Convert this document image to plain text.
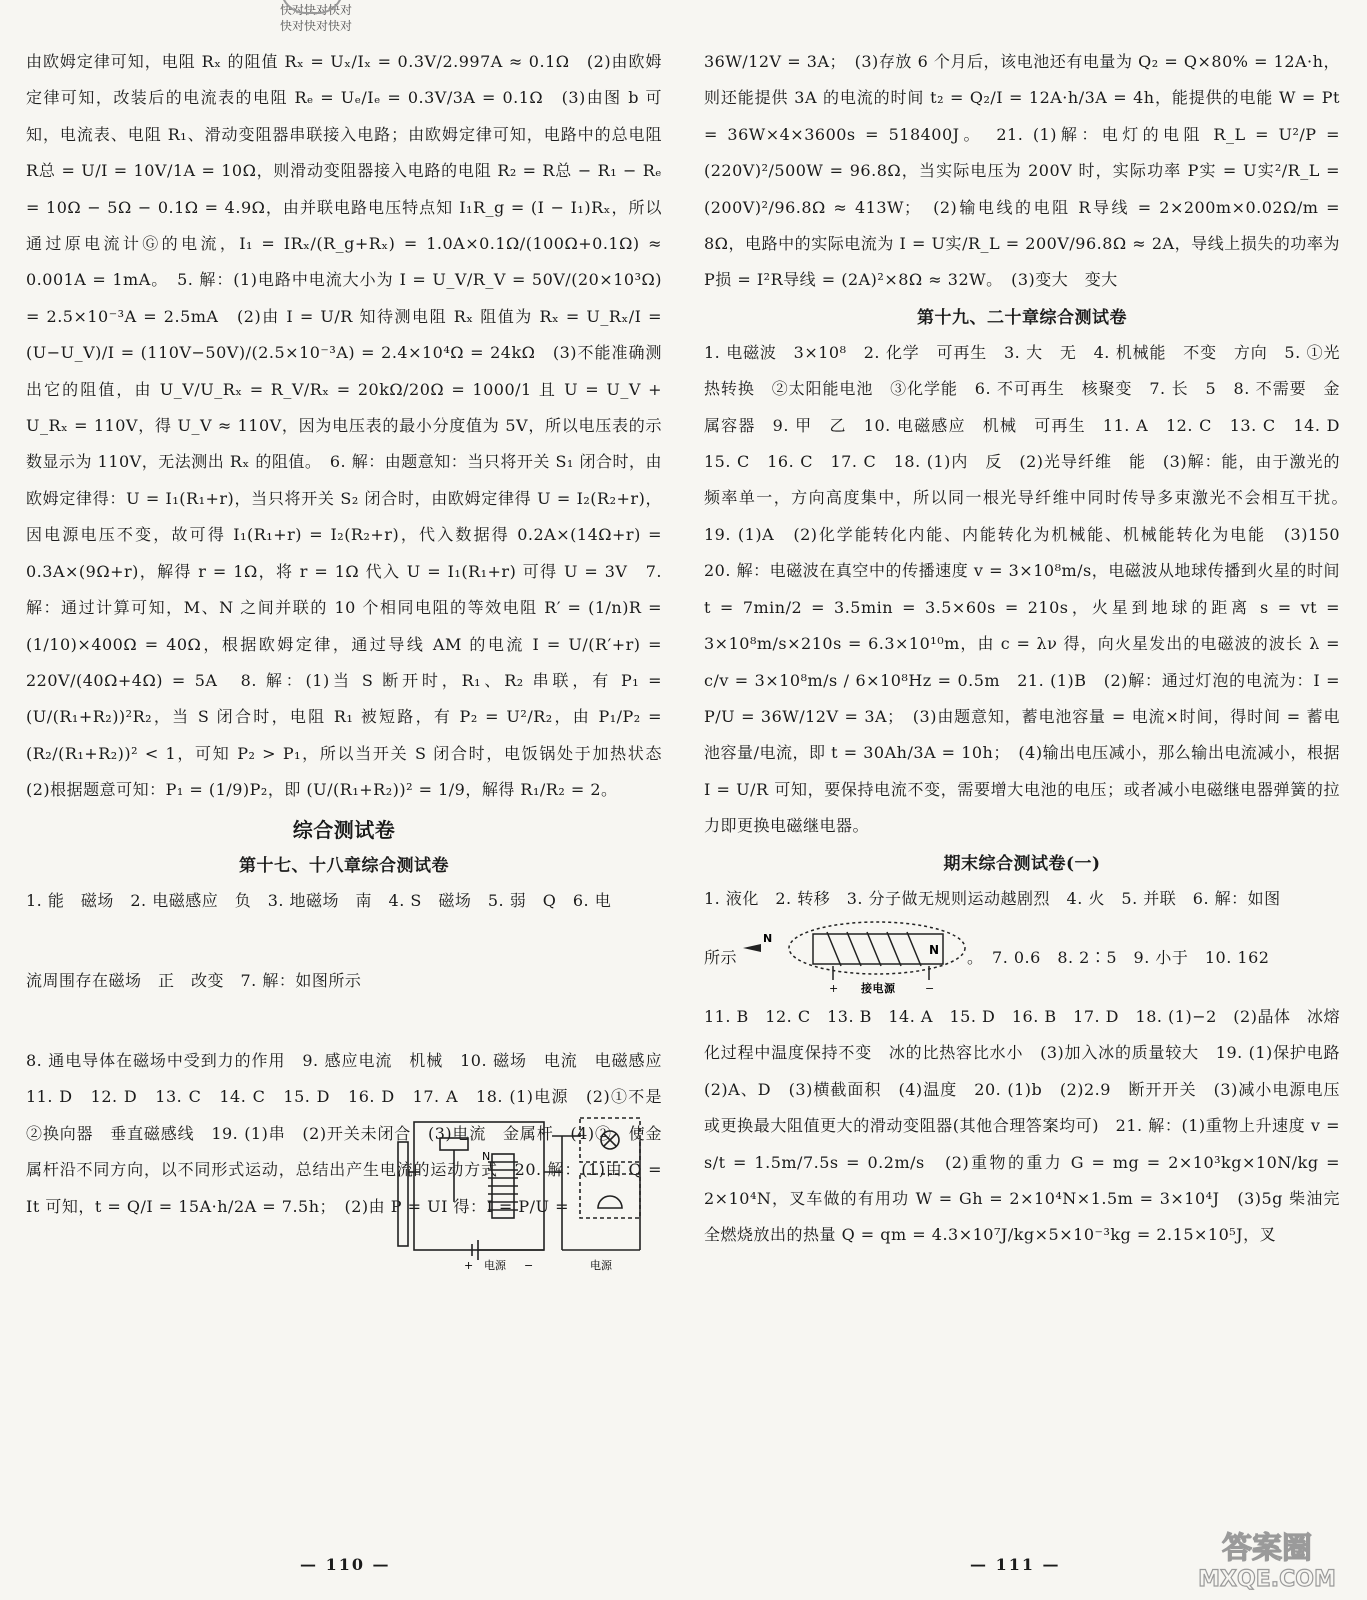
快对快对快对
快对快对快对

由欧姆定律可知，电阻 Rₓ 的阻值 Rₓ = Uₓ/Iₓ = 0.3V/2.997A ≈ 0.1Ω　(2)由欧姆定律可知，改装后的电流表的电阻 Rₑ = Uₑ/Iₑ = 0.3V/3A = 0.1Ω　(3)由图 b 可知，电流表、电阻 R₁、滑动变阻器串联接入电路；由欧姆定律可知，电路中的总电阻 R总 = U/I = 10V/1A = 10Ω，则滑动变阻器接入电路的电阻 R₂ = R总 − R₁ − Rₑ = 10Ω − 5Ω − 0.1Ω = 4.9Ω，由并联电路电压特点知 I₁R_g = (I − I₁)Rₓ，所以通过原电流计Ⓖ的电流，I₁ = IRₓ/(R_g+Rₓ) = 1.0A×0.1Ω/(100Ω+0.1Ω) ≈ 0.001A = 1mA。　5. 解：(1)电路中电流大小为 I = U_V/R_V = 50V/(20×10³Ω) = 2.5×10⁻³A = 2.5mA　(2)由 I = U/R 知待测电阻 Rₓ 阻值为 Rₓ = U_Rₓ/I = (U−U_V)/I = (110V−50V)/(2.5×10⁻³A) = 2.4×10⁴Ω = 24kΩ　(3)不能准确测出它的阻值，由 U_V/U_Rₓ = R_V/Rₓ = 20kΩ/20Ω = 1000/1 且 U = U_V + U_Rₓ = 110V，得 U_V ≈ 110V，因为电压表的最小分度值为 5V，所以电压表的示数显示为 110V，无法测出 Rₓ 的阻值。　6. 解：由题意知：当只将开关 S₁ 闭合时，由欧姆定律得：U = I₁(R₁+r)，当只将开关 S₂ 闭合时，由欧姆定律得 U = I₂(R₂+r)，因电源电压不变，故可得 I₁(R₁+r) = I₂(R₂+r)，代入数据得 0.2A×(14Ω+r) = 0.3A×(9Ω+r)，解得 r = 1Ω，将 r = 1Ω 代入 U = I₁(R₁+r) 可得 U = 3V　7. 解：通过计算可知，M、N 之间并联的 10 个相同电阻的等效电阻 R′ = (1/n)R = (1/10)×400Ω = 40Ω，根据欧姆定律，通过导线 AM 的电流 I = U/(R′+r) = 220V/(40Ω+4Ω) = 5A　8. 解：(1)当 S 断开时，R₁、R₂ 串联，有 P₁ = (U/(R₁+R₂))²R₂，当 S 闭合时，电阻 R₁ 被短路，有 P₂ = U²/R₂，由 P₁/P₂ = (R₂/(R₁+R₂))² < 1，可知 P₂ > P₁，所以当开关 S 闭合时，电饭锅处于加热状态　(2)根据题意可知：P₁ = (1/9)P₂，即 (U/(R₁+R₂))² = 1/9，解得 R₁/R₂ = 2。

综合测试卷
第十七、十八章综合测试卷

1. 能　磁场　2. 电磁感应　负　3. 地磁场　南　4. S　磁场　5. 弱　Q　6. 电

流周围存在磁场　正　改变　7. 解：如图所示

8. 通电导体在磁场中受到力的作用　9. 感应电流　机械　10. 磁场　电流　电磁感应　11. D　12. D　13. C　14. C　15. D　16. D　17. A　18. (1)电源　(2)①不是　②换向器　垂直磁感线　19. (1)串　(2)开关未闭合　(3)电流　金属杆　(4)②　使金属杆沿不同方向，以不同形式运动，总结出产生电流的运动方式　20. 解：(1)由 Q = It 可知，t = Q/I = 15A·h/2A = 7.5h；　(2)由 P = UI 得：I = P/U =

N
电源	电源
+	−
— 110 —

36W/12V = 3A；　(3)存放 6 个月后，该电池还有电量为 Q₂ = Q×80% = 12A·h，则还能提供 3A 的电流的时间 t₂ = Q₂/I = 12A·h/3A = 4h，能提供的电能 W = Pt = 36W×4×3600s = 518400J。　21. (1)解：电灯的电阻 R_L = U²/P = (220V)²/500W = 96.8Ω，当实际电压为 200V 时，实际功率 P实 = U实²/R_L = (200V)²/96.8Ω ≈ 413W；　(2)输电线的电阻 R导线 = 2×200m×0.02Ω/m = 8Ω，电路中的实际电流为 I = U实/R_L = 200V/96.8Ω ≈ 2A，导线上损失的功率为 P损 = I²R导线 = (2A)²×8Ω ≈ 32W。　(3)变大　变大

第十九、二十章综合测试卷

1. 电磁波　3×10⁸　2. 化学　可再生　3. 大　无　4. 机械能　不变　方向　5. ①光热转换　②太阳能电池　③化学能　6. 不可再生　核聚变　7. 长　5　8. 不需要　金属容器　9. 甲　乙　10. 电磁感应　机械　可再生　11. A　12. C　13. C　14. D　15. C　16. C　17. C　18. (1)内　反　(2)光导纤维　能　(3)解：能，由于激光的频率单一，方向高度集中，所以同一根光导纤维中同时传导多束激光不会相互干扰。　19. (1)A　(2)化学能转化内能、内能转化为机械能、机械能转化为电能　(3)150　20. 解：电磁波在真空中的传播速度 v = 3×10⁸m/s，电磁波从地球传播到火星的时间 t = 7min/2 = 3.5min = 3.5×60s = 210s，火星到地球的距离 s = vt = 3×10⁸m/s×210s = 6.3×10¹⁰m，由 c = λν 得，向火星发出的电磁波的波长 λ = c/v = 3×10⁸m/s / 6×10⁸Hz = 0.5m　21. (1)B　(2)解：通过灯泡的电流为：I = P/U = 36W/12V = 3A；　(3)由题意知，蓄电池容量 = 电流×时间，得时间 = 蓄电池容量/电流，即 t = 30Ah/3A = 10h；　(4)输出电压减小，那么输出电流减小，根据 I = U/R 可知，要保持电流不变，需要增大电池的电压；或者减小电磁继电器弹簧的拉力即更换电磁继电器。

期末综合测试卷(一)

1. 液化　2. 转移　3. 分子做无规则运动越剧烈　4. 火　5. 并联　6. 解：如图

所示
N
N
+	−
接电源
。　7. 0.6　8. 2∶5　9. 小于　10. 162

11. B　12. C　13. B　14. A　15. D　16. B　17. D　18. (1)−2　(2)晶体　冰熔化过程中温度保持不变　冰的比热容比水小　(3)加入冰的质量较大　19. (1)保护电路　(2)A、D　(3)横截面积　(4)温度　20. (1)b　(2)2.9　断开开关　(3)减小电源电压或更换最大阻值更大的滑动变阻器(其他合理答案均可)　21. 解：(1)重物上升速度 v = s/t = 1.5m/7.5s = 0.2m/s　(2)重物的重力 G = mg = 2×10³kg×10N/kg = 2×10⁴N，叉车做的有用功 W = Gh = 2×10⁴N×1.5m = 3×10⁴J　(3)5g 柴油完全燃烧放出的热量 Q = qm = 4.3×10⁷J/kg×5×10⁻³kg = 2.15×10⁵J，叉

— 111 —	答案圈
MXQE.COM
